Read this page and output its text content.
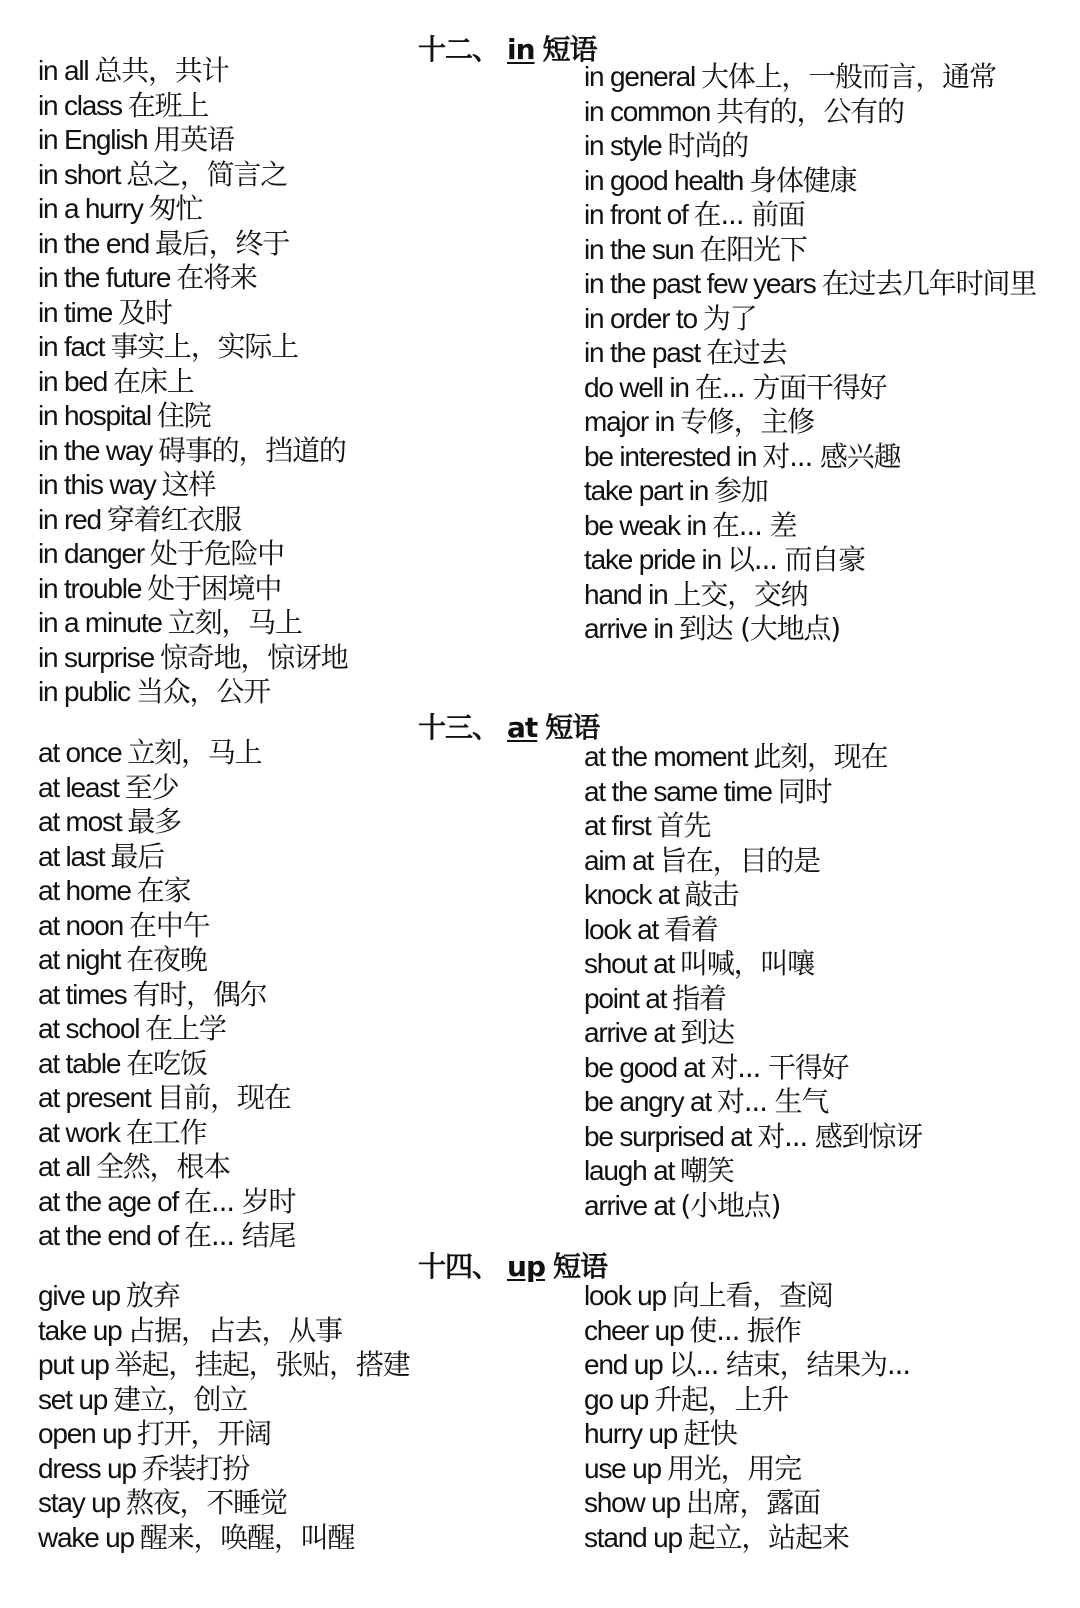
十二、 in 短语
in all 总共，共计
in class 在班上
in English 用英语
in short 总之，简言之
in a hurry 匆忙
in the end 最后，终于
in the future 在将来
in time 及时
in fact 事实上，实际上
in bed 在床上
in hospital 住院
in the way 碍事的，挡道的
in this way 这样
in red 穿着红衣服
in danger 处于危险中
in trouble 处于困境中
in a minute 立刻，马上
in surprise 惊奇地，惊讶地
in public 当众，公开
in general 大体上，一般而言，通常
in common 共有的，公有的
in style 时尚的
in good health 身体健康
in front of 在... 前面
in the sun 在阳光下
in the past few years 在过去几年时间里
in order to 为了
in the past 在过去
do well in 在... 方面干得好
major in 专修，主修
be interested in 对... 感兴趣
take part in 参加
be weak in 在... 差
take pride in 以... 而自豪
hand in 上交，交纳
arrive in 到达 (大地点)
十三、 at 短语
at once 立刻，马上
at least 至少
at most 最多
at last 最后
at home 在家
at noon 在中午
at night 在夜晚
at times 有时，偶尔
at school 在上学
at table 在吃饭
at present 目前，现在
at work 在工作
at all 全然，根本
at the age of 在... 岁时
at the end of 在... 结尾
at the moment 此刻，现在
at the same time 同时
at first 首先
aim at 旨在，目的是
knock at 敲击
look at 看着
shout at 叫喊，叫嚷
point at 指着
arrive at 到达
be good at 对... 干得好
be angry at 对... 生气
be surprised at 对... 感到惊讶
laugh at 嘲笑
arrive at (小地点)
十四、 up 短语
give up 放弃
take up 占据，占去，从事
put up 举起，挂起，张贴，搭建
set up 建立，创立
open up 打开，开阔
dress up 乔装打扮
stay up 熬夜，不睡觉
wake up 醒来，唤醒，叫醒
look up 向上看，查阅
cheer up 使... 振作
end up 以... 结束，结果为...
go up 升起，上升
hurry up 赶快
use up 用光，用完
show up 出席，露面
stand up 起立，站起来
